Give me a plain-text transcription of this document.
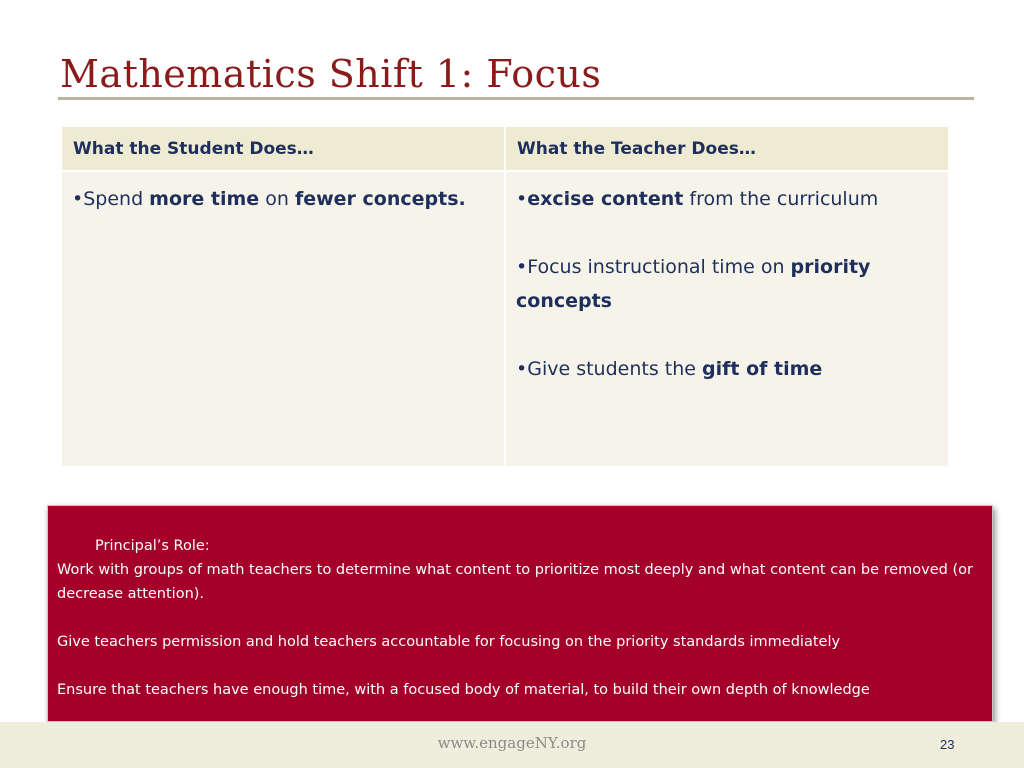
Mathematics Shift 1: Focus
What the Student Does…	What the Teacher Does…
•Spend more time on fewer concepts.	•excise content from the curriculum
•Focus instructional time on priority concepts
•Give students the gift of time
Principal’s Role:

Work with groups of math teachers to determine what content to prioritize most deeply and what content can be removed (or decrease attention).

Give teachers permission and hold teachers accountable for focusing on the priority standards immediately

Ensure that teachers have enough time, with a focused body of material, to build their own depth of knowledge

www.engageNY.org	23
